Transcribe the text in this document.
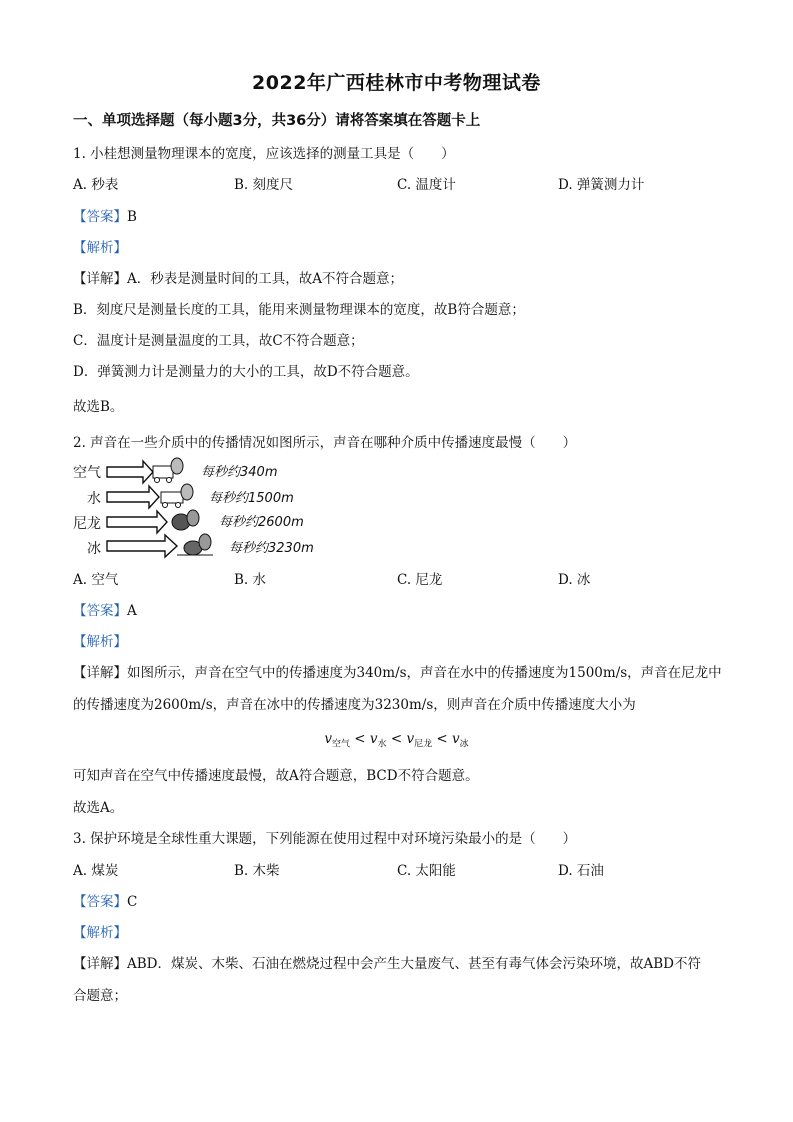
2022年广西桂林市中考物理试卷
一、单项选择题（每小题3分，共36分）请将答案填在答题卡上
1. 小桂想测量物理课本的宽度，应该选择的测量工具是（　　）
A. 秒表	B. 刻度尺	C. 温度计	D. 弹簧测力计
【答案】B
【解析】
【详解】A．秒表是测量时间的工具，故A不符合题意；
B．刻度尺是测量长度的工具，能用来测量物理课本的宽度，故B符合题意；
C．温度计是测量温度的工具，故C不符合题意；
D．弹簧测力计是测量力的大小的工具，故D不符合题意。
故选B。
2. 声音在一些介质中的传播情况如图所示，声音在哪种介质中传播速度最慢（　　）
空气
水
尼龙
冰
每秒约340m
每秒约1500m
每秒约2600m
每秒约3230m
A. 空气	B. 水	C. 尼龙	D. 冰
【答案】A
【解析】
【详解】如图所示，声音在空气中的传播速度为340m/s，声音在水中的传播速度为1500m/s，声音在尼龙中
的传播速度为2600m/s，声音在冰中的传播速度为3230m/s，则声音在介质中传播速度大小为
$v_{空气} < v_水 < v_{尼龙} < v_冰$
可知声音在空气中传播速度最慢，故A符合题意，BCD不符合题意。
故选A。
3. 保护环境是全球性重大课题，下列能源在使用过程中对环境污染最小的是（　　）
A. 煤炭	B. 木柴	C. 太阳能	D. 石油
【答案】C
【解析】
【详解】ABD．煤炭、木柴、石油在燃烧过程中会产生大量废气、甚至有毒气体会污染环境，故ABD不符
合题意；
